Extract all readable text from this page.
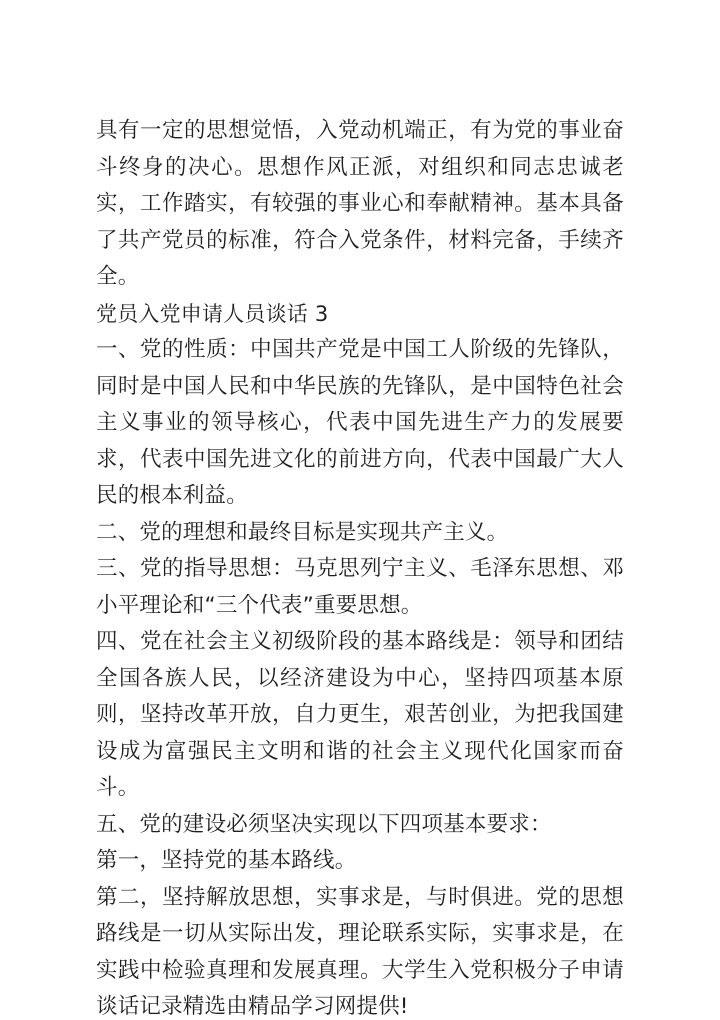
具有一定的思想觉悟，入党动机端正，有为党的事业奋斗终身的决心。思想作风正派，对组织和同志忠诚老实，工作踏实，有较强的事业心和奉献精神。基本具备了共产党员的标准，符合入党条件，材料完备，手续齐全。

党员入党申请人员谈话 3

一、党的性质：中国共产党是中国工人阶级的先锋队，同时是中国人民和中华民族的先锋队，是中国特色社会主义事业的领导核心，代表中国先进生产力的发展要求，代表中国先进文化的前进方向，代表中国最广大人民的根本利益。

二、党的理想和最终目标是实现共产主义。

三、党的指导思想：马克思列宁主义、毛泽东思想、邓小平理论和“三个代表”重要思想。

四、党在社会主义初级阶段的基本路线是：领导和团结全国各族人民，以经济建设为中心，坚持四项基本原则，坚持改革开放，自力更生，艰苦创业，为把我国建设成为富强民主文明和谐的社会主义现代化国家而奋斗。

五、党的建设必须坚决实现以下四项基本要求：

第一，坚持党的基本路线。

第二，坚持解放思想，实事求是，与时俱进。党的思想路线是一切从实际出发，理论联系实际，实事求是，在实践中检验真理和发展真理。大学生入党积极分子申请谈话记录精选由精品学习网提供!
